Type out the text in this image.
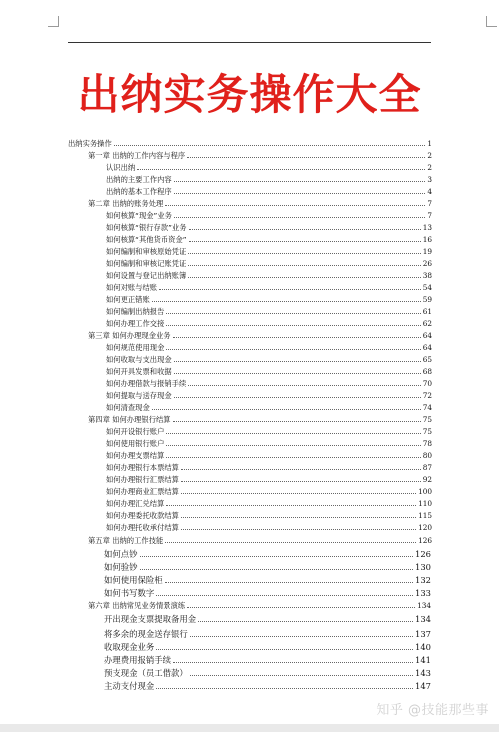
出纳实务操作大全
出纳实务操作	1
第一章 出纳的工作内容与程序	2
认识出纳	2
出纳的主要工作内容	3
出纳的基本工作程序	4
第二章 出纳的账务处理	7
如何核算“现金”业务	7
如何核算“银行存款”业务	13
如何核算“其他货币资金”	16
如何编制和审核原始凭证	19
如何编制和审核记账凭证	26
如何设置与登记出纳账簿	38
如何对账与结账	54
如何更正错账	59
如何编制出纳报告	61
如何办理工作交接	62
第三章 如何办理现金业务	64
如何规范使用现金	64
如何收取与支出现金	65
如何开具发票和收据	68
如何办理借款与报销手续	70
如何提取与送存现金	72
如何清查现金	74
第四章 如何办理银行结算	75
如何开设银行账户	75
如何使用银行账户	78
如何办理支票结算	80
如何办理银行本票结算	87
如何办理银行汇票结算	92
如何办理商业汇票结算	100
如何办理汇兑结算	110
如何办理委托收款结算	115
如何办理托收承付结算	120
第五章 出纳的工作技能	126
如何点钞	126
如何验钞	130
如何使用保险柜	132
如何书写数字	133
第六章 出纳常见业务情景演练	134
开出现金支票提取备用金	134
将多余的现金送存银行	137
收取现金业务	140
办理费用报销手续	141
预支现金（员工借款）	143
主动支付现金	147
知乎 @技能那些事
